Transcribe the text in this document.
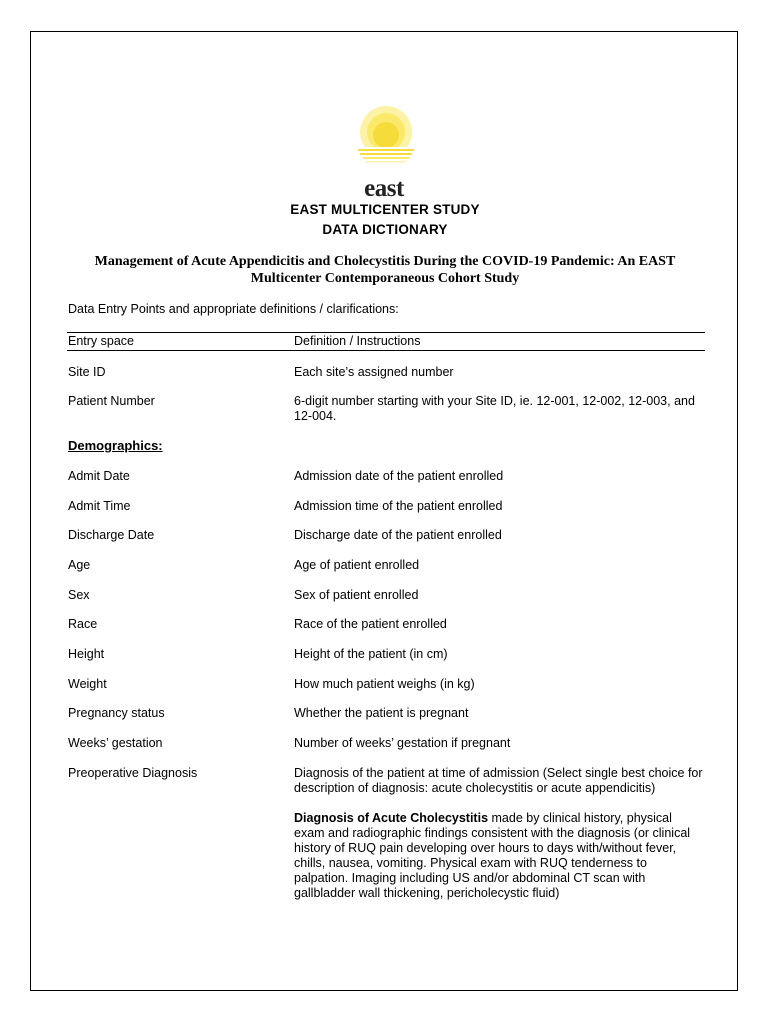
east
EAST MULTICENTER STUDY
DATA DICTIONARY
Management of Acute Appendicitis and Cholecystitis During the COVID-19 Pandemic: An EAST Multicenter Contemporaneous Cohort Study
Data Entry Points and appropriate definitions / clarifications:
Entry space	Definition / Instructions
Site ID	Each site’s assigned number
Patient Number	6-digit number starting with your Site ID, ie. 12-001, 12-002, 12-003, and 12-004.
Demographics:
Admit Date	Admission date of the patient enrolled
Admit Time	Admission time of the patient enrolled
Discharge Date	Discharge date of the patient enrolled
Age	Age of patient enrolled
Sex	Sex of patient enrolled
Race	Race of the patient enrolled
Height	Height of the patient (in cm)
Weight	How much patient weighs (in kg)
Pregnancy status	Whether the patient is pregnant
Weeks’ gestation	Number of weeks’ gestation if pregnant
Preoperative Diagnosis	Diagnosis of the patient at time of admission (Select single best choice for description of diagnosis: acute cholecystitis or acute appendicitis)
Diagnosis of Acute Cholecystitis made by clinical history, physical exam and radiographic findings consistent with the diagnosis (or clinical history of RUQ pain developing over hours to days with/without fever, chills, nausea, vomiting. Physical exam with RUQ tenderness to palpation. Imaging including US and/or abdominal CT scan with gallbladder wall thickening, pericholecystic fluid)
